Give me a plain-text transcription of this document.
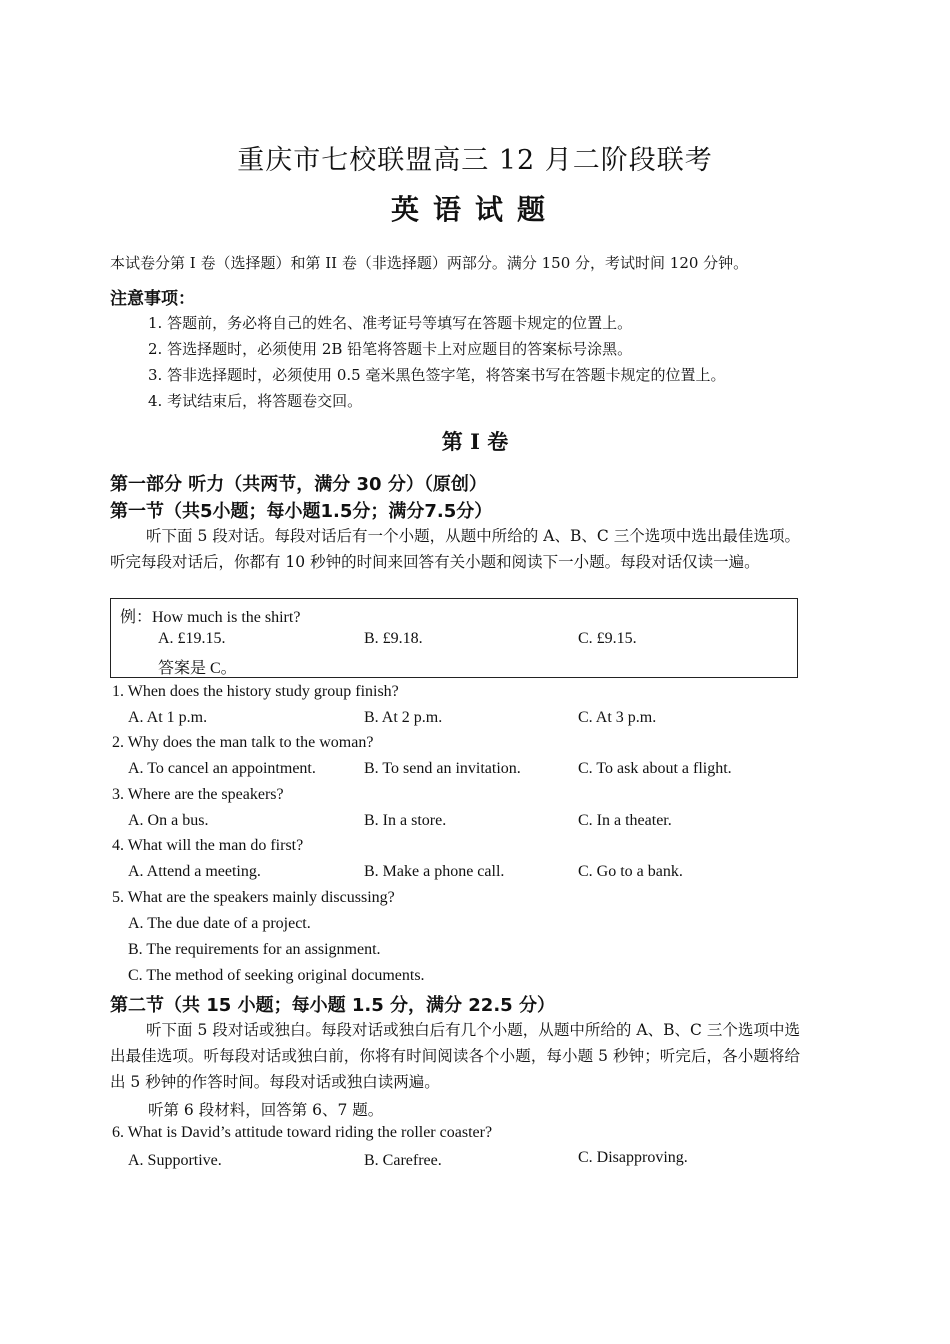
重庆市七校联盟高三 12 月二阶段联考
英语试题
本试卷分第 I 卷（选择题）和第 II 卷（非选择题）两部分。满分 150 分，考试时间 120 分钟。
注意事项：
1. 答题前，务必将自己的姓名、准考证号等填写在答题卡规定的位置上。
2. 答选择题时，必须使用 2B 铅笔将答题卡上对应题目的答案标号涂黑。
3. 答非选择题时，必须使用 0.5 毫米黑色签字笔，将答案书写在答题卡规定的位置上。
4. 考试结束后，将答题卷交回。
第 I 卷
第一部分 听力（共两节，满分 30 分）（原创）
第一节（共5小题；每小题1.5分；满分7.5分）
听下面 5 段对话。每段对话后有一个小题，从题中所给的 A、B、C 三个选项中选出最佳选项。听完每段对话后，你都有 10 秒钟的时间来回答有关小题和阅读下一小题。每段对话仅读一遍。
例：How much is the shirt?
A. £19.15.	B. £9.18.	C. £9.15.
答案是 C。
1. When does the history study group finish?
A. At 1 p.m.	B. At 2 p.m.	C. At 3 p.m.
2. Why does the man talk to the woman?
A. To cancel an appointment.	B. To send an invitation.	C. To ask about a flight.
3. Where are the speakers?
A. On a bus.	B. In a store.	C. In a theater.
4. What will the man do first?
A. Attend a meeting.	B. Make a phone call.	C. Go to a bank.
5. What are the speakers mainly discussing?
A. The due date of a project.
B. The requirements for an assignment.
C. The method of seeking original documents.
第二节（共 15 小题；每小题 1.5 分，满分 22.5 分）
听下面 5 段对话或独白。每段对话或独白后有几个小题，从题中所给的 A、B、C 三个选项中选出最佳选项。听每段对话或独白前，你将有时间阅读各个小题，每小题 5 秒钟；听完后，各小题将给出 5 秒钟的作答时间。每段对话或独白读两遍。
听第 6 段材料，回答第 6、7 题。
6. What is David’s attitude toward riding the roller coaster?
A. Supportive.	B. Carefree.	C. Disapproving.
